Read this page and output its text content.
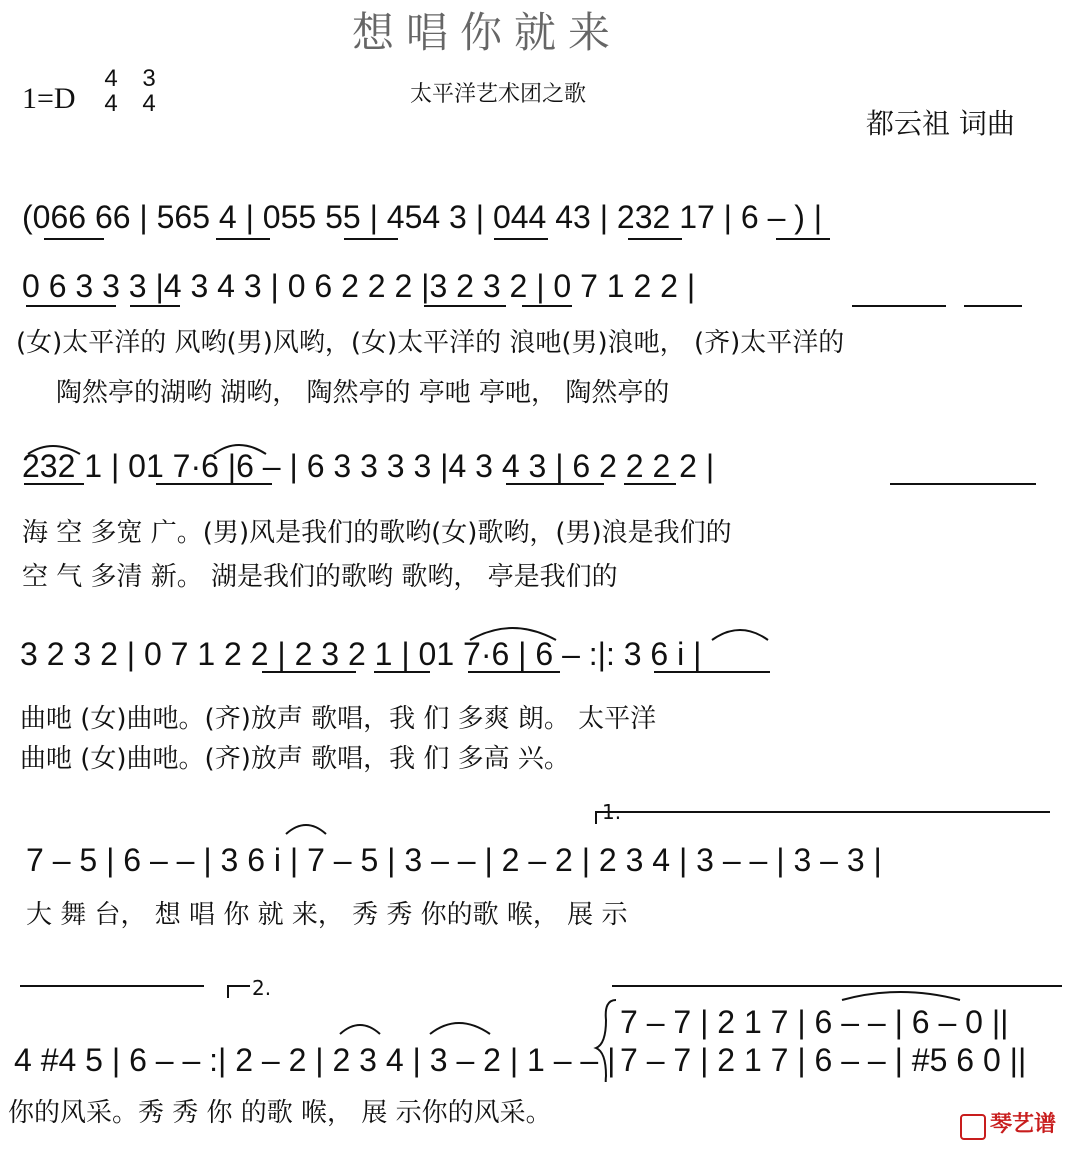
想唱你就来
1=D
4
4
3
4	太平洋艺术团之歌
都云祖 词曲
(066 66 | 565 4 | 055 55 | 454 3 | 044 43 | 232 17 | 6 – ) |
0 6 3 3 3 |4 3 4 3 | 0 6 2 2 2 |3 2 3 2 | 0 7 1 2 2 |
(女)太平洋的 风哟(男)风哟，(女)太平洋的 浪吔(男)浪吔， (齐)太平洋的
陶然亭的湖哟 湖哟， 陶然亭的 亭吔 亭吔， 陶然亭的
232 1 | 01 7·6 |6 – | 6 3 3 3 3 |4 3 4 3 | 6 2 2 2 2 |
海 空 多宽 广。(男)风是我们的歌哟(女)歌哟，(男)浪是我们的
空 气 多清 新。 湖是我们的歌哟 歌哟， 亭是我们的
3 2 3 2 | 0 7 1 2 2 | 2 3 2 1 | 01 7·6 | 6 – :|: 3 6 i |
曲吔 (女)曲吔。(齐)放声 歌唱，我 们 多爽 朗。 太平洋
曲吔 (女)曲吔。(齐)放声 歌唱，我 们 多高 兴。
1.
7 – 5 | 6 – – | 3 6 i | 7 – 5 | 3 – – | 2 – 2 | 2 3 4 | 3 – – | 3 – 3 |
大 舞 台， 想 唱 你 就 来， 秀 秀 你的歌 喉， 展 示
2.
4 #4 5 | 6 – – :| 2 – 2 | 2 3 4 | 3 – 2 | 1 – – |
7 – 7 | 2 1 7 | 6 – – | 6 – 0 ||
7 – 7 | 2 1 7 | 6 – – | #5 6 0 ||
你的风采。秀 秀 你 的歌 喉， 展 示你的风采。	琴艺谱
